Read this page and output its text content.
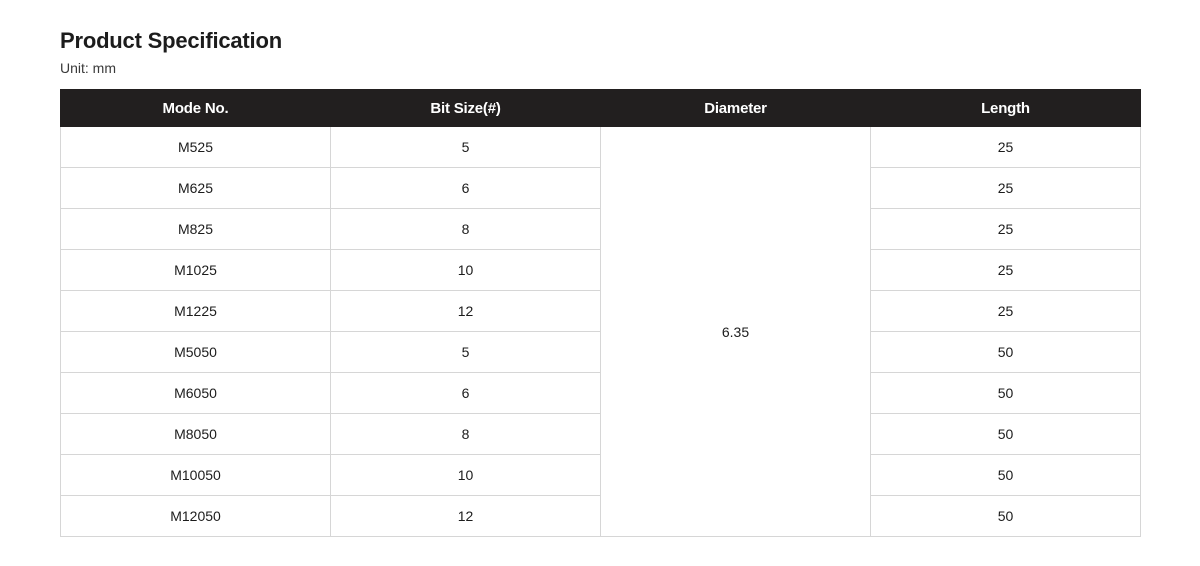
Product Specification
Unit: mm
Mode No.	Bit Size(#)	Diameter	Length
M525	5	6.35	25
M625	6		25
M825	8		25
M1025	10		25
M1225	12		25
M5050	5		50
M6050	6		50
M8050	8		50
M10050	10		50
M12050	12		50
